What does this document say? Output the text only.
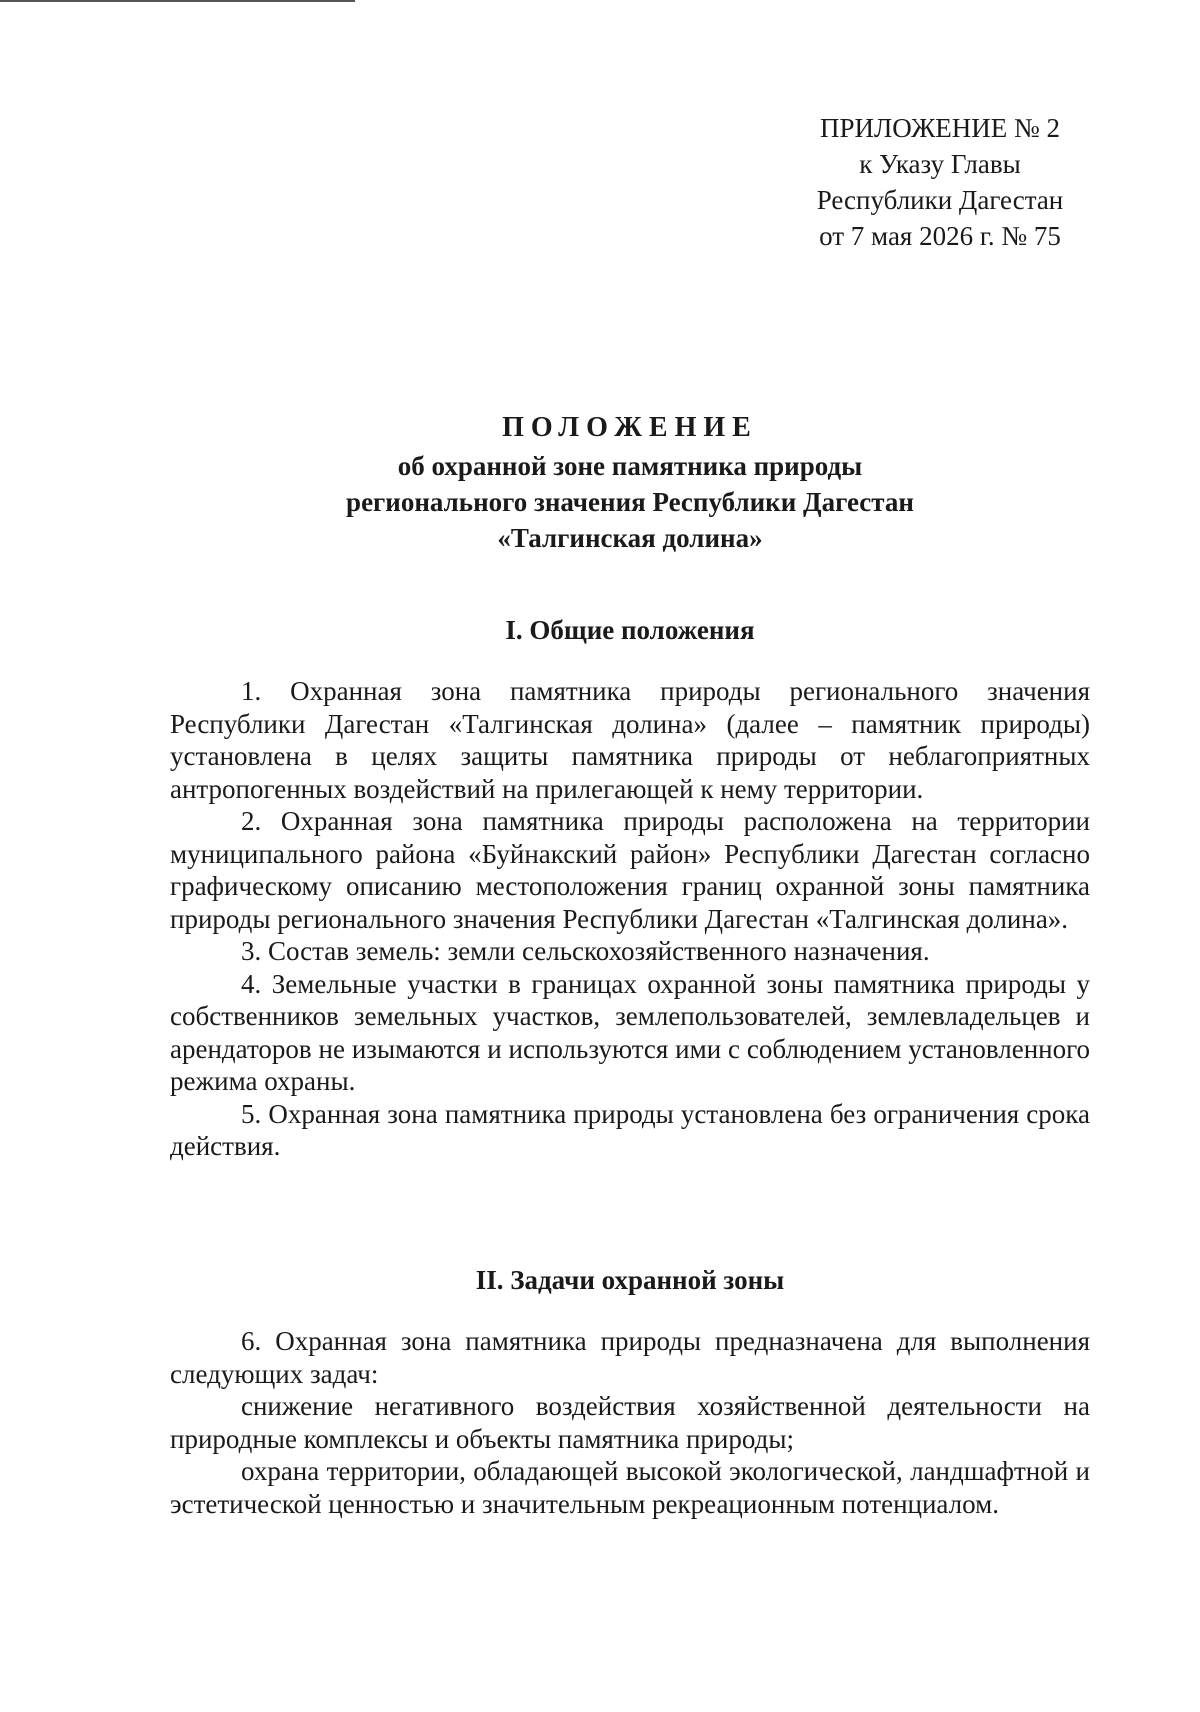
ПРИЛОЖЕНИЕ № 2
к Указу Главы
Республики Дагестан
от 7 мая 2026 г. № 75
ПОЛОЖЕНИЕ
об охранной зоне памятника природы
регионального значения Республики Дагестан
«Талгинская долина»
I. Общие положения

1. Охранная зона памятника природы регионального значения Республики Дагестан «Талгинская долина» (далее – памятник природы) установлена в целях защиты памятника природы от неблагоприятных антропогенных воздействий на прилегающей к нему территории.

2. Охранная зона памятника природы расположена на территории муниципального района «Буйнакский район» Республики Дагестан согласно графическому описанию местоположения границ охранной зоны памятника природы регионального значения Республики Дагестан «Талгинская долина».

3. Состав земель: земли сельскохозяйственного назначения.

4. Земельные участки в границах охранной зоны памятника природы у собственников земельных участков, землепользователей, землевладельцев и арендаторов не изымаются и используются ими с соблюдением установленного режима охраны.

5. Охранная зона памятника природы установлена без ограничения срока действия.

II. Задачи охранной зоны

6. Охранная зона памятника природы предназначена для выполнения следующих задач:

снижение негативного воздействия хозяйственной деятельности на природные комплексы и объекты памятника природы;

охрана территории, обладающей высокой экологической, ландшафтной и эстетической ценностью и значительным рекреационным потенциалом.
